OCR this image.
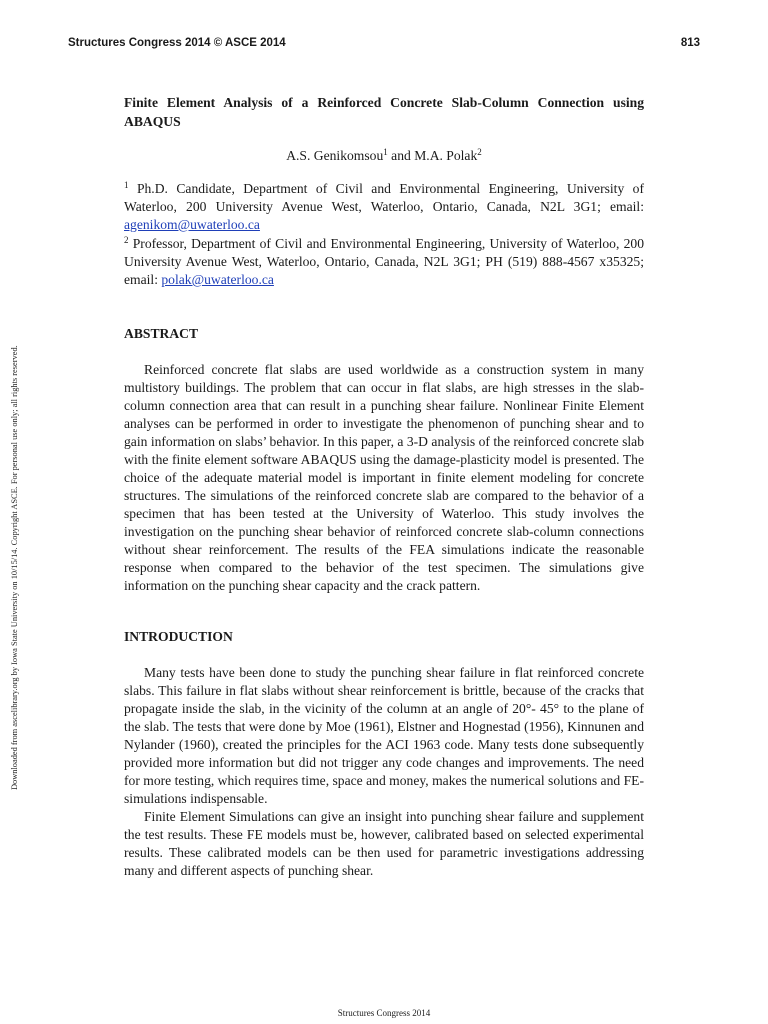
Structures Congress 2014 © ASCE 2014	813
Downloaded from ascelibrary.org by Iowa State University on 10/15/14. Copyright ASCE. For personal use only; all rights reserved.
Finite Element Analysis of a Reinforced Concrete Slab-Column Connection using ABAQUS
A.S. Genikomsou$^1$ and M.A. Polak$^2$
$^1$ Ph.D. Candidate, Department of Civil and Environmental Engineering, University of Waterloo, 200 University Avenue West, Waterloo, Ontario, Canada, N2L 3G1; email: agenikom@uwaterloo.ca
$^2$ Professor, Department of Civil and Environmental Engineering, University of Waterloo, 200 University Avenue West, Waterloo, Ontario, Canada, N2L 3G1; PH (519) 888-4567 x35325; email: polak@uwaterloo.ca
ABSTRACT

Reinforced concrete flat slabs are used worldwide as a construction system in many multistory buildings. The problem that can occur in flat slabs, are high stresses in the slab-column connection area that can result in a punching shear failure. Nonlinear Finite Element analyses can be performed in order to investigate the phenomenon of punching shear and to gain information on slabs’ behavior. In this paper, a 3-D analysis of the reinforced concrete slab with the finite element software ABAQUS using the damage-plasticity model is presented. The choice of the adequate material model is important in finite element modeling for concrete structures. The simulations of the reinforced concrete slab are compared to the behavior of a specimen that has been tested at the University of Waterloo. This study involves the investigation on the punching shear behavior of reinforced concrete slab-column connections without shear reinforcement. The results of the FEA simulations indicate the reasonable response when compared to the behavior of the test specimen. The simulations give information on the punching shear capacity and the crack pattern.

INTRODUCTION

Many tests have been done to study the punching shear failure in flat reinforced concrete slabs. This failure in flat slabs without shear reinforcement is brittle, because of the cracks that propagate inside the slab, in the vicinity of the column at an angle of 20°- 45° to the plane of the slab. The tests that were done by Moe (1961), Elstner and Hognestad (1956), Kinnunen and Nylander (1960), created the principles for the ACI 1963 code. Many tests done subsequently provided more information but did not trigger any code changes and improvements. The need for more testing, which requires time, space and money, makes the numerical solutions and FE-simulations indispensable.

Finite Element Simulations can give an insight into punching shear failure and supplement the test results. These FE models must be, however, calibrated based on selected experimental results. These calibrated models can be then used for parametric investigations addressing many and different aspects of punching shear.

Structures Congress 2014
